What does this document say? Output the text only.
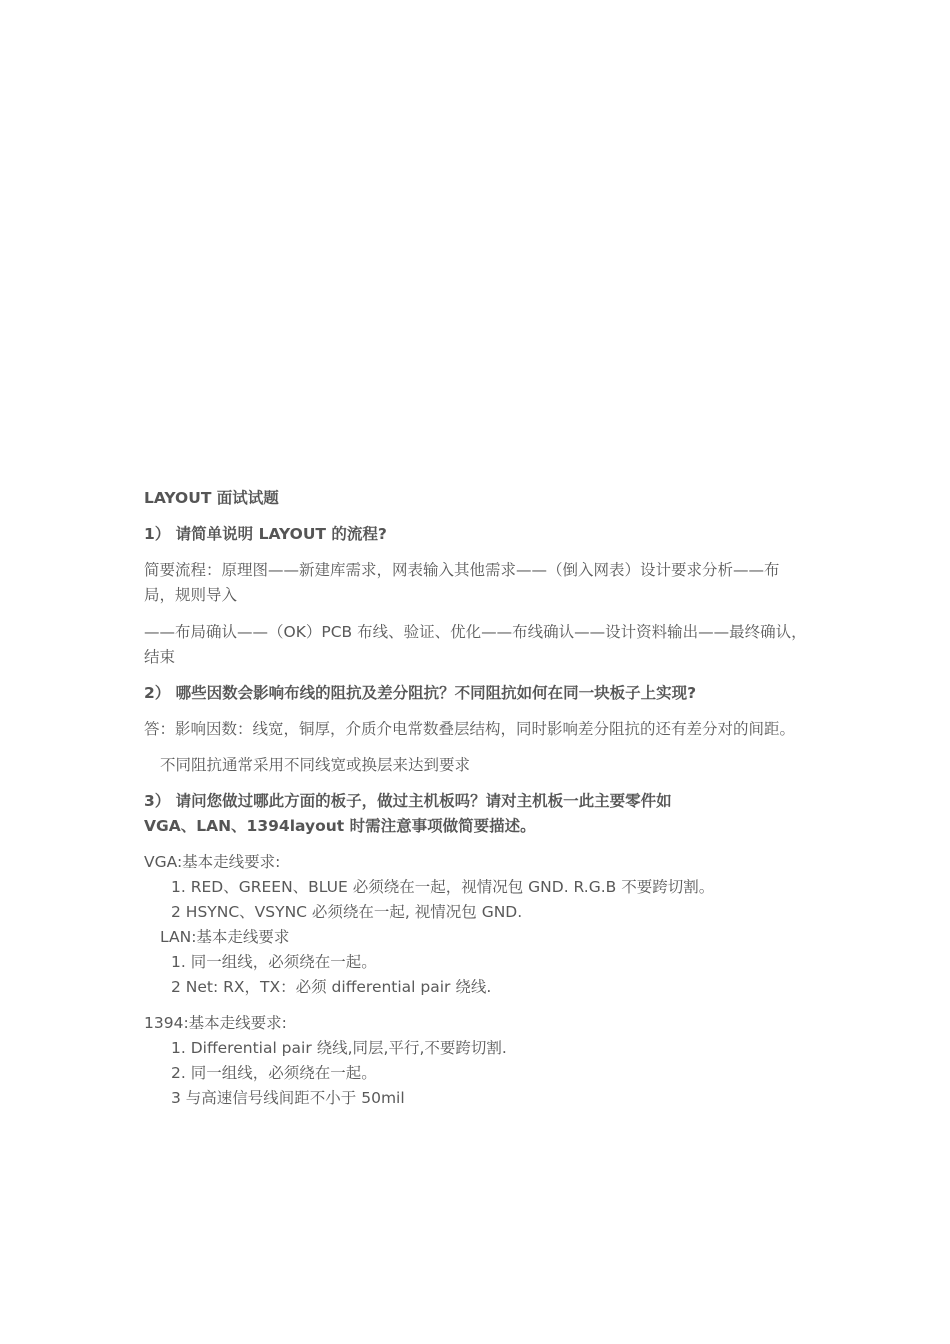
LAYOUT 面试试题
1） 请简单说明 LAYOUT 的流程?
简要流程：原理图——新建库需求，网表输入其他需求——（倒入网表）设计要求分析——布局，规则导入
——布局确认——（OK）PCB 布线、验证、优化——布线确认——设计资料输出——最终确认，结束
2） 哪些因数会影响布线的阻抗及差分阻抗？不同阻抗如何在同一块板子上实现?
答：影响因数：线宽，铜厚，介质介电常数叠层结构，同时影响差分阻抗的还有差分对的间距。
不同阻抗通常采用不同线宽或换层来达到要求
3） 请问您做过哪此方面的板子，做过主机板吗？请对主机板一此主要零件如
VGA、LAN、1394layout 时需注意事项做简要描述。
VGA:基本走线要求:
1. RED、GREEN、BLUE 必须绕在一起，视情况包 GND. R.G.B 不要跨切割。
2 HSYNC、VSYNC 必须绕在一起, 视情况包 GND.
LAN:基本走线要求
1. 同一组线，必须绕在一起。
2 Net: RX，TX：必须 differential pair 绕线.
1394:基本走线要求:
1. Differential pair 绕线,同层,平行,不要跨切割.
2. 同一组线，必须绕在一起。
3 与高速信号线间距不小于 50mil
